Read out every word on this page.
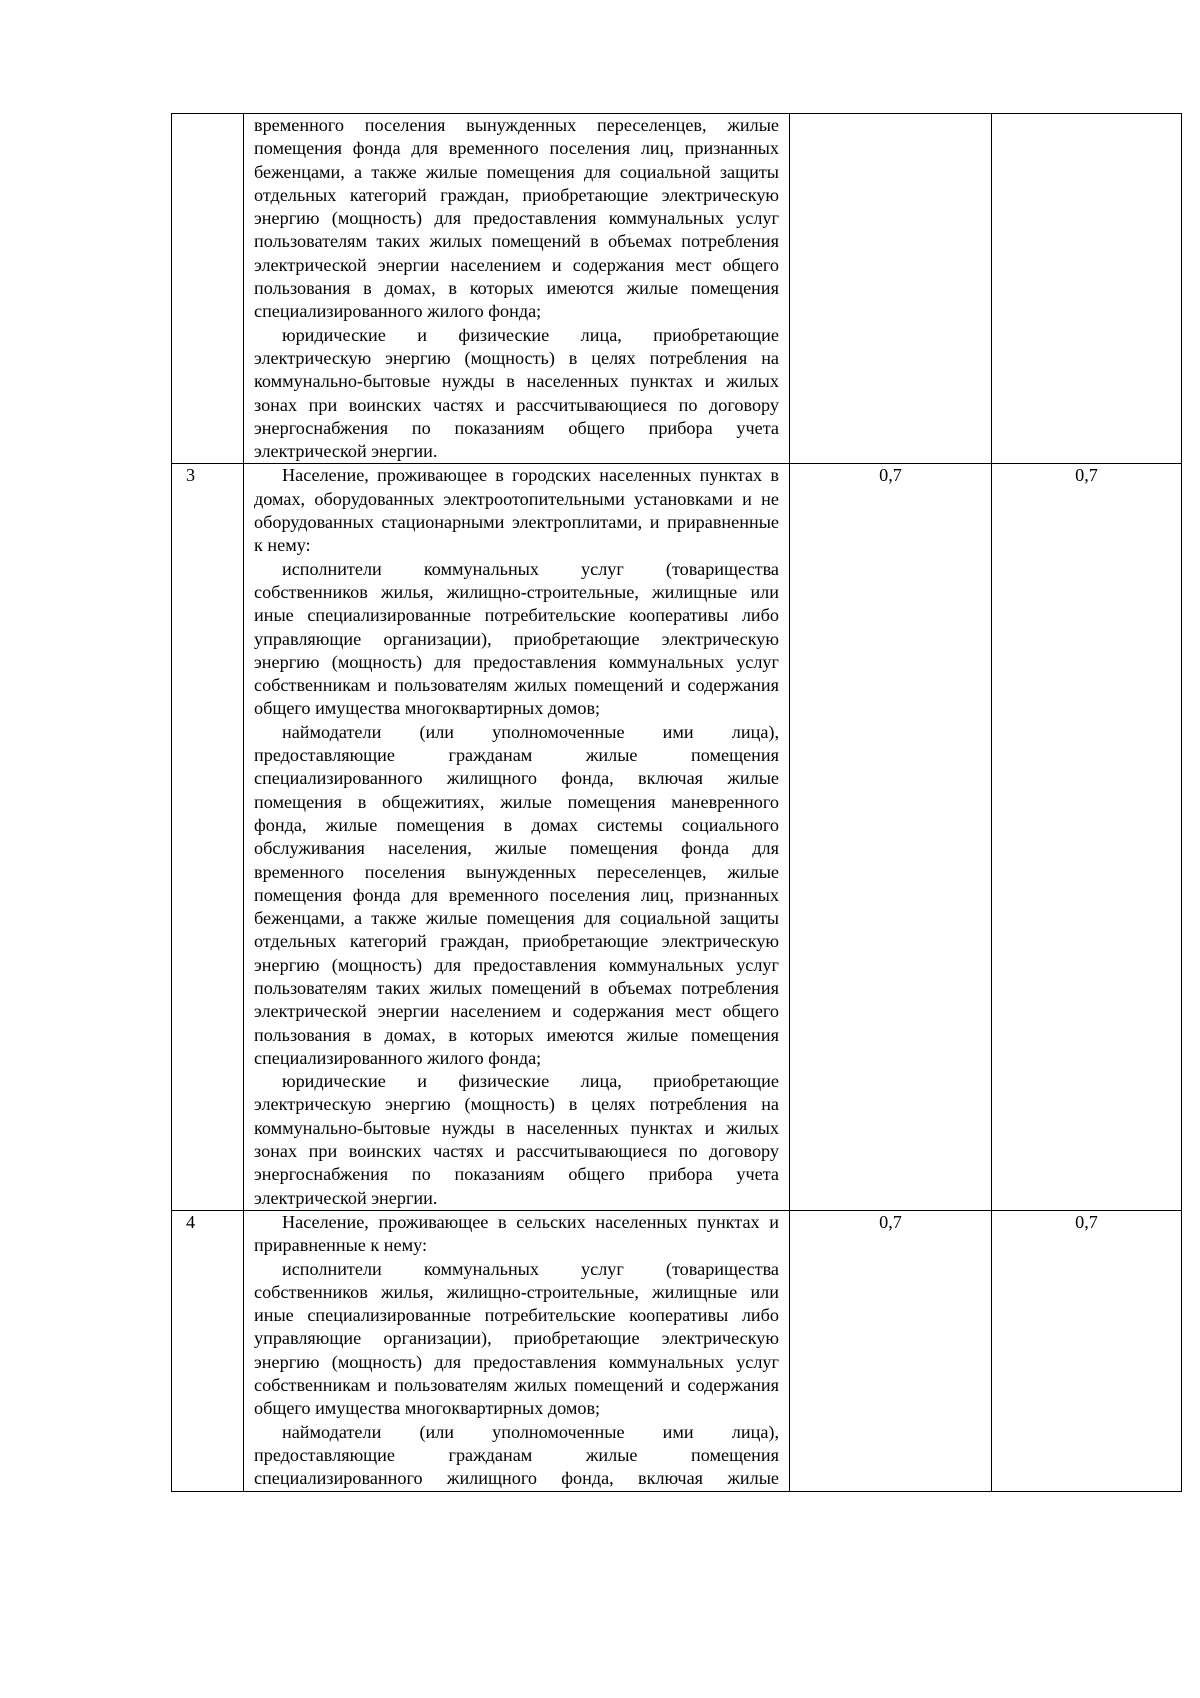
	временного поселения вынужденных переселенцев, жилые помещения фонда для временного поселения лиц, признанных беженцами, а также жилые помещения для социальной защиты отдельных категорий граждан, приобретающие электрическую энергию (мощность) для предоставления коммунальных услуг пользователям таких жилых помещений в объемах потребления электрической энергии населением и содержания мест общего пользования в домах, в которых имеются жилые помещения специализированного жилого фонда;

юридические и физические лица, приобретающие электрическую энергию (мощность) в целях потребления на коммунально-бытовые нужды в населенных пунктах и жилых зонах при воинских частях и рассчитывающиеся по договору энергоснабжения по показаниям общего прибора учета электрической энергии.		

3	Население, проживающее в городских населенных пунктах в домах, оборудованных электроотопительными установками и не оборудованных стационарными электроплитами, и приравненные к нему:

исполнители коммунальных услуг (товарищества собственников жилья, жилищно-строительные, жилищные или иные специализированные потребительские кооперативы либо управляющие организации), приобретающие электрическую энергию (мощность) для предоставления коммунальных услуг собственникам и пользователям жилых помещений и содержания общего имущества многоквартирных домов;

наймодатели (или уполномоченные ими лица), предоставляющие гражданам жилые помещения специализированного жилищного фонда, включая жилые помещения в общежитиях, жилые помещения маневренного фонда, жилые помещения в домах системы социального обслуживания населения, жилые помещения фонда для временного поселения вынужденных переселенцев, жилые помещения фонда для временного поселения лиц, признанных беженцами, а также жилые помещения для социальной защиты отдельных категорий граждан, приобретающие электрическую энергию (мощность) для предоставления коммунальных услуг пользователям таких жилых помещений в объемах потребления электрической энергии населением и содержания мест общего пользования в домах, в которых имеются жилые помещения специализированного жилого фонда;

юридические и физические лица, приобретающие электрическую энергию (мощность) в целях потребления на коммунально-бытовые нужды в населенных пунктах и жилых зонах при воинских частях и рассчитывающиеся по договору энергоснабжения по показаниям общего прибора учета электрической энергии.	0,7	0,7
4	Население, проживающее в сельских населенных пунктах и приравненные к нему:

исполнители коммунальных услуг (товарищества собственников жилья, жилищно-строительные, жилищные или иные специализированные потребительские кооперативы либо управляющие организации), приобретающие электрическую энергию (мощность) для предоставления коммунальных услуг собственникам и пользователям жилых помещений и содержания общего имущества многоквартирных домов;

наймодатели (или уполномоченные ими лица), предоставляющие гражданам жилые помещения специализированного жилищного фонда, включая жилые	0,7	0,7
